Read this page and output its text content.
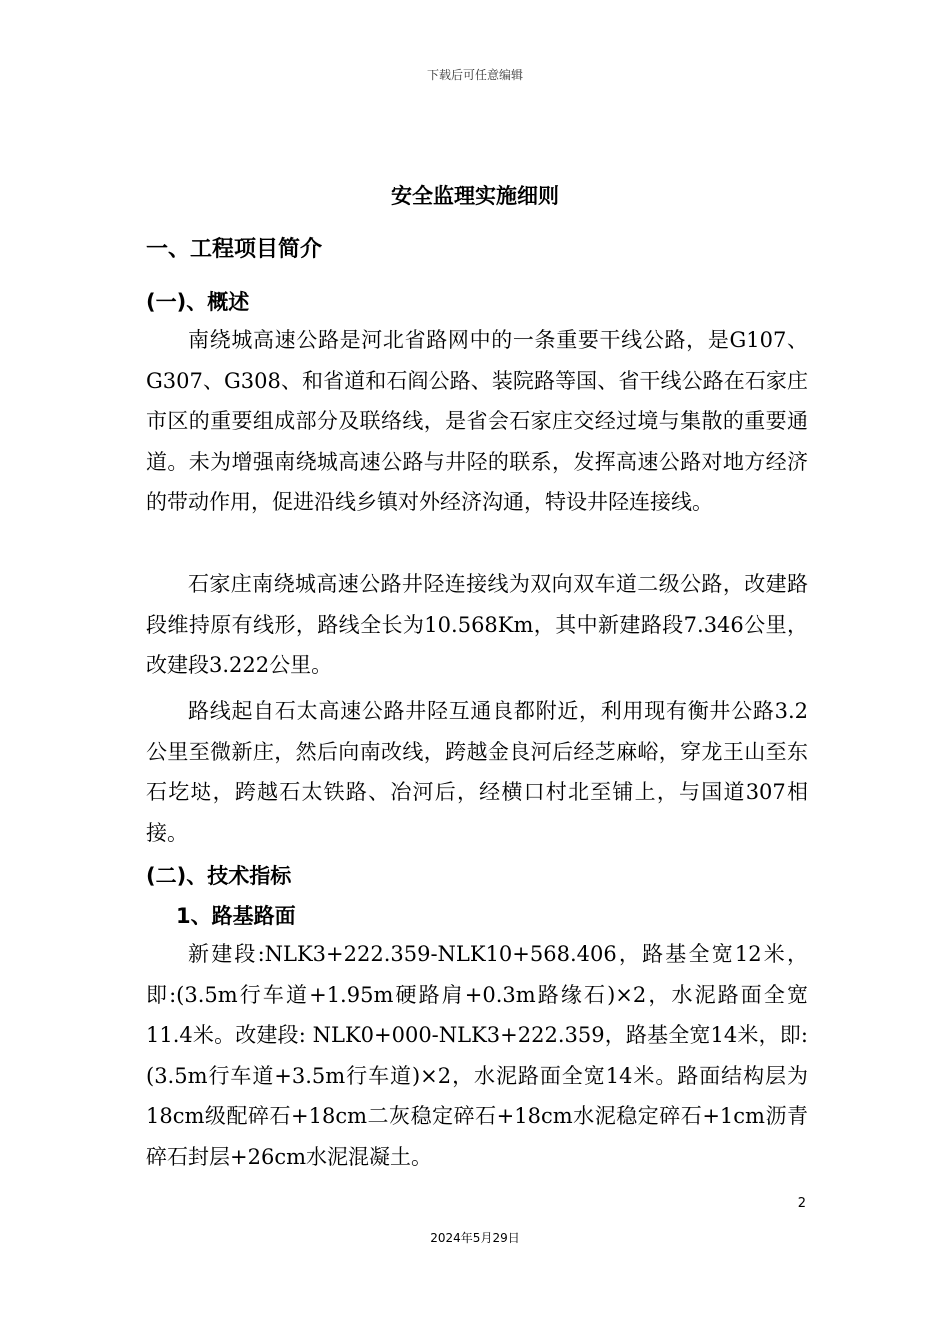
下载后可任意编辑
安全监理实施细则
一、工程项目简介
(一)、概述

南绕城高速公路是河北省路网中的一条重要干线公路，是G107、G307、G308、和省道和石阎公路、装院路等国、省干线公路在石家庄市区的重要组成部分及联络线，是省会石家庄交经过境与集散的重要通道。未为增强南绕城高速公路与井陉的联系，发挥高速公路对地方经济的带动作用，促进沿线乡镇对外经济沟通，特设井陉连接线。

石家庄南绕城高速公路井陉连接线为双向双车道二级公路，改建路段维持原有线形，路线全长为10.568Km，其中新建路段7.346公里，改建段3.222公里。

路线起自石太高速公路井陉互通良都附近，利用现有衡井公路3.2公里至微新庄，然后向南改线，跨越金良河后经芝麻峪，穿龙王山至东石圪垯，跨越石太铁路、冶河后，经横口村北至铺上，与国道307相接。

(二)、技术指标
1、路基路面

新建段:NLK3+222.359-NLK10+568.406，路基全宽12米，即:(3.5m行车道+1.95m硬路肩+0.3m路缘石)×2，水泥路面全宽11.4米。改建段: NLK0+000-NLK3+222.359，路基全宽14米，即:(3.5m行车道+3.5m行车道)×2，水泥路面全宽14米。路面结构层为18cm级配碎石+18cm二灰稳定碎石+18cm水泥稳定碎石+1cm沥青碎石封层+26cm水泥混凝土。

2
2024年5月29日
